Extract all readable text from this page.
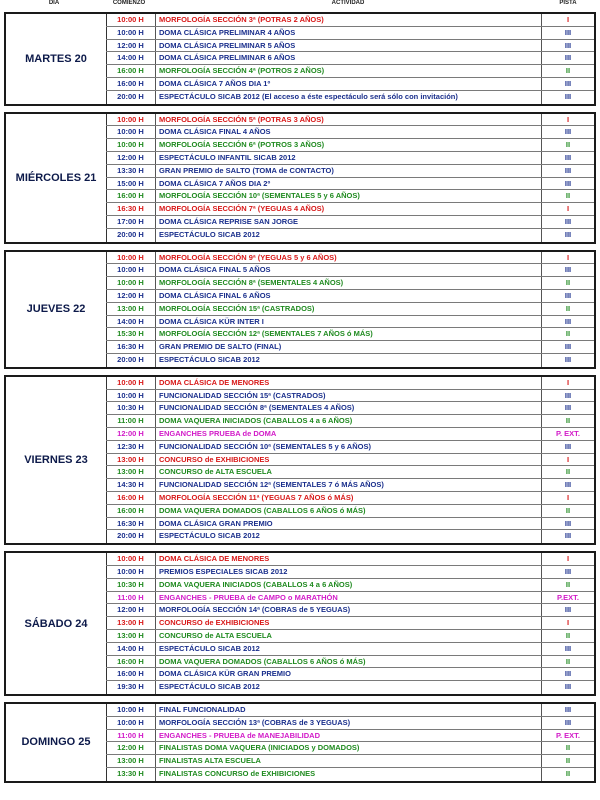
DÍA	COMIENZO	ACTIVIDAD	PISTA
MARTES 20
10:00 H	MORFOLOGÍA SECCIÓN 3ª (POTRAS 2 AÑOS)	I
10:00 H	DOMA CLÁSICA PRELIMINAR 4 AÑOS	III
12:00 H	DOMA CLÁSICA PRELIMINAR 5 AÑOS	III
14:00 H	DOMA CLÁSICA PRELIMINAR 6 AÑOS	III
16:00 H	MORFOLOGÍA SECCIÓN 4ª (POTROS 2 AÑOS)	II
16:00 H	DOMA CLÁSICA 7 AÑOS DIA 1º	III
20:00 H	ESPECTÁCULO SICAB 2012 (El acceso a éste espectáculo será sólo con invitación)	III
MIÉRCOLES 21
10:00 H	MORFOLOGÍA SECCIÓN 5ª (POTRAS 3 AÑOS)	I
10:00 H	DOMA CLÁSICA FINAL 4 AÑOS	III
10:00 H	MORFOLOGÍA SECCIÓN 6ª (POTROS 3 AÑOS)	II
12:00 H	ESPECTÁCULO INFANTIL SICAB 2012	III
13:30 H	GRAN PREMIO de SALTO (TOMA de CONTACTO)	III
15:00 H	DOMA CLÁSICA 7 AÑOS DIA 2º	III
16:00 H	MORFOLOGÍA SECCIÓN 10ª (SEMENTALES 5 y 6 AÑOS)	II
16:30 H	MORFOLOGÍA SECCIÓN 7ª (YEGUAS 4 AÑOS)	I
17:00 H	DOMA CLÁSICA REPRISE SAN JORGE	III
20:00 H	ESPECTÁCULO SICAB 2012	III
JUEVES 22
10:00 H	MORFOLOGÍA SECCIÓN 9ª (YEGUAS 5 y 6 AÑOS)	I
10:00 H	DOMA CLÁSICA FINAL 5 AÑOS	III
10:00 H	MORFOLOGÍA SECCIÓN 8ª (SEMENTALES 4 AÑOS)	II
12:00 H	DOMA CLÁSICA FINAL 6 AÑOS	III
13:00 H	MORFOLOGÍA SECCIÓN 15ª (CASTRADOS)	II
14:00 H	DOMA CLÁSICA KÜR INTER I	III
15:30 H	MORFOLOGÍA SECCIÓN 12ª (SEMENTALES 7 AÑOS ó MÁS)	II
16:30 H	GRAN PREMIO DE SALTO (FINAL)	III
20:00 H	ESPECTÁCULO SICAB 2012	III
VIERNES 23
10:00 H	DOMA CLÁSICA DE MENORES	I
10:00 H	FUNCIONALIDAD SECCIÓN 15ª (CASTRADOS)	III
10:30 H	FUNCIONALIDAD SECCIÓN 8ª (SEMENTALES 4 AÑOS)	III
11:00 H	DOMA VAQUERA INICIADOS (CABALLOS 4 a 6 AÑOS)	II
12:00 H	ENGANCHES PRUEBA de DOMA	P. EXT.
12:30 H	FUNCIONALIDAD SECCIÓN 10ª (SEMENTALES 5 y 6 AÑOS)	III
13:00 H	CONCURSO de EXHIBICIONES	I
13:00 H	CONCURSO de ALTA ESCUELA	II
14:30 H	FUNCIONALIDAD SECCIÓN 12ª (SEMENTALES 7 ó MÁS AÑOS)	III
16:00 H	MORFOLOGÍA SECCIÓN 11ª (YEGUAS 7 AÑOS ó MÁS)	I
16:00 H	DOMA VAQUERA DOMADOS (CABALLOS 6 AÑOS ó MÁS)	II
16:30 H	DOMA CLÁSICA GRAN PREMIO	III
20:00 H	ESPECTÁCULO SICAB 2012	III
SÁBADO 24
10:00 H	DOMA CLÁSICA DE MENORES	I
10:00 H	PREMIOS ESPECIALES SICAB 2012	III
10:30 H	DOMA VAQUERA INICIADOS (CABALLOS 4 a 6 AÑOS)	II
11:00 H	ENGANCHES - PRUEBA de CAMPO o MARATHÓN	P.EXT.
12:00 H	MORFOLOGÍA SECCIÓN 14ª (COBRAS de 5 YEGUAS)	III
13:00 H	CONCURSO de EXHIBICIONES	I
13:00 H	CONCURSO de ALTA ESCUELA	II
14:00 H	ESPECTÁCULO SICAB 2012	III
16:00 H	DOMA VAQUERA DOMADOS (CABALLOS 6 AÑOS ó MÁS)	II
16:00 H	DOMA CLÁSICA KÜR GRAN PREMIO	III
19:30 H	ESPECTÁCULO SICAB 2012	III
DOMINGO 25
10:00 H	FINAL FUNCIONALIDAD	III
10:00 H	MORFOLOGÍA SECCIÓN 13ª (COBRAS de 3 YEGUAS)	III
11:00 H	ENGANCHES - PRUEBA de MANEJABILIDAD	P. EXT.
12:00 H	FINALISTAS DOMA VAQUERA (INICIADOS y DOMADOS)	II
13:00 H	FINALISTAS ALTA ESCUELA	II
13:30 H	FINALISTAS CONCURSO de EXHIBICIONES	II
